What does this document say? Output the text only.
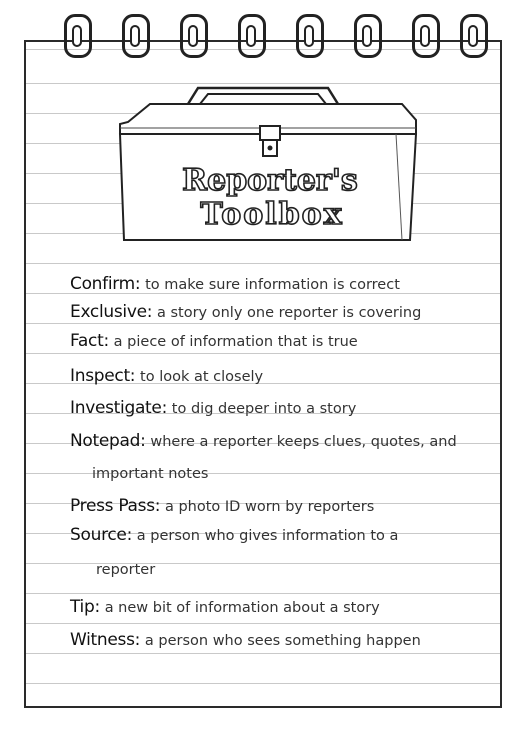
Reporter's
Toolbox
Confirm: to make sure information is correct
Exclusive: a story only one reporter is covering
Fact: a piece of information that is true
Inspect: to look at closely
Investigate: to dig deeper into a story
Notepad: where a reporter keeps clues, quotes, and
important notes
Press Pass: a photo ID worn by reporters
Source: a person who gives information to a
reporter
Tip: a new bit of information about a story
Witness: a person who sees something happen
